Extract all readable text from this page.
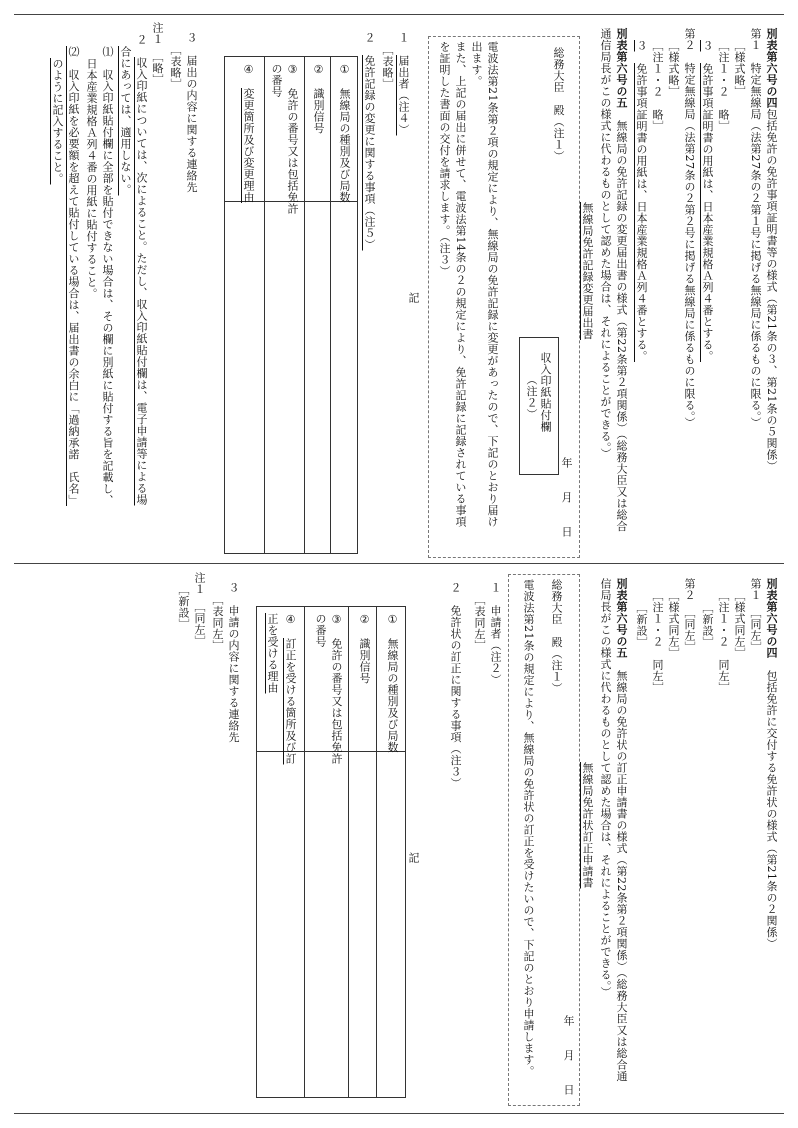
別表第六号の四包括免許の免許事項証明書等の様式（第21条の３、第21条の５関係）
第１　特定無線局（法第27条の２第１号に掲げる無線局に係るものに限る。）
［様式略］
［注１・２　略］
３　免許事項証明書の用紙は、日本産業規格Ａ列４番とする。
第２　特定無線局（法第27条の２第２号に掲げる無線局に係るものに限る。）
［様式略］
［注１・２　略］
３　免許事項証明書の用紙は、日本産業規格Ａ列４番とする。
別表第六号の五　無線局の免許記録の変更届出書の様式（第22条第２項関係）（総務大臣又は総合
通信局長がこの様式に代わるものとして認めた場合は、それによることができる。）
無線局免許記録変更届出書
年　　月　　日
総務大臣　殿（注１）
収入印紙貼付欄
（注２）
電波法第21条第２項の規定により、無線局の免許記録に変更があったので、下記のとおり届け
出ます。
また、上記の届出に併せて、電波法第14条の２の規定により、免許記録に記録されている事項
を証明した書面の交付を請求します。（注３）
記
１　届出者（注４）
［表略］
２　免許記録の変更に関する事項（注５）
①　無線局の種別及び局数
②　識別信号
③　免許の番号又は包括免許
の番号
④　変更箇所及び変更理由
３　届出の内容に関する連絡先
［表略］
注１　［略］
２　収入印紙については、次によること。ただし、収入印紙貼付欄は、電子申請等による場
合にあっては、適用しない。
⑴　収入印紙貼付欄に全部を貼付できない場合は、その欄に別紙に貼付する旨を記載し、
日本産業規格Ａ列４番の用紙に貼付すること。
⑵　収入印紙を必要額を超えて貼付している場合は、届出書の余白に「過納承諾　氏名」
のように記入すること。
別表第六号の四　包括免許に交付する免許状の様式（第21条の２関係）
第１　［同左］
［様式同左］
［注１・２　同左］
［新設］
第２　［同左］
［様式同左］
［注１・２　同左］
［新設］
別表第六号の五　無線局の免許状の訂正申請書の様式（第22条第２項関係）（総務大臣又は総合通
信局長がこの様式に代わるものとして認めた場合は、それによることができる。）
無線局免許状訂正申請書
年　　月　　日
総務大臣　殿（注１）
電波法第21条の規定により、無線局の免許状の訂正を受けたいので、下記のとおり申請します。
記
１　申請者（注２）
［表同左］
２　免許状の訂正に関する事項（注３）
①　無線局の種別及び局数
②　識別信号
③　免許の番号又は包括免許
の番号
④　訂正を受ける箇所及び訂
正を受ける理由
３　申請の内容に関する連絡先
［表同左］
注１　［同左］
［新設］
